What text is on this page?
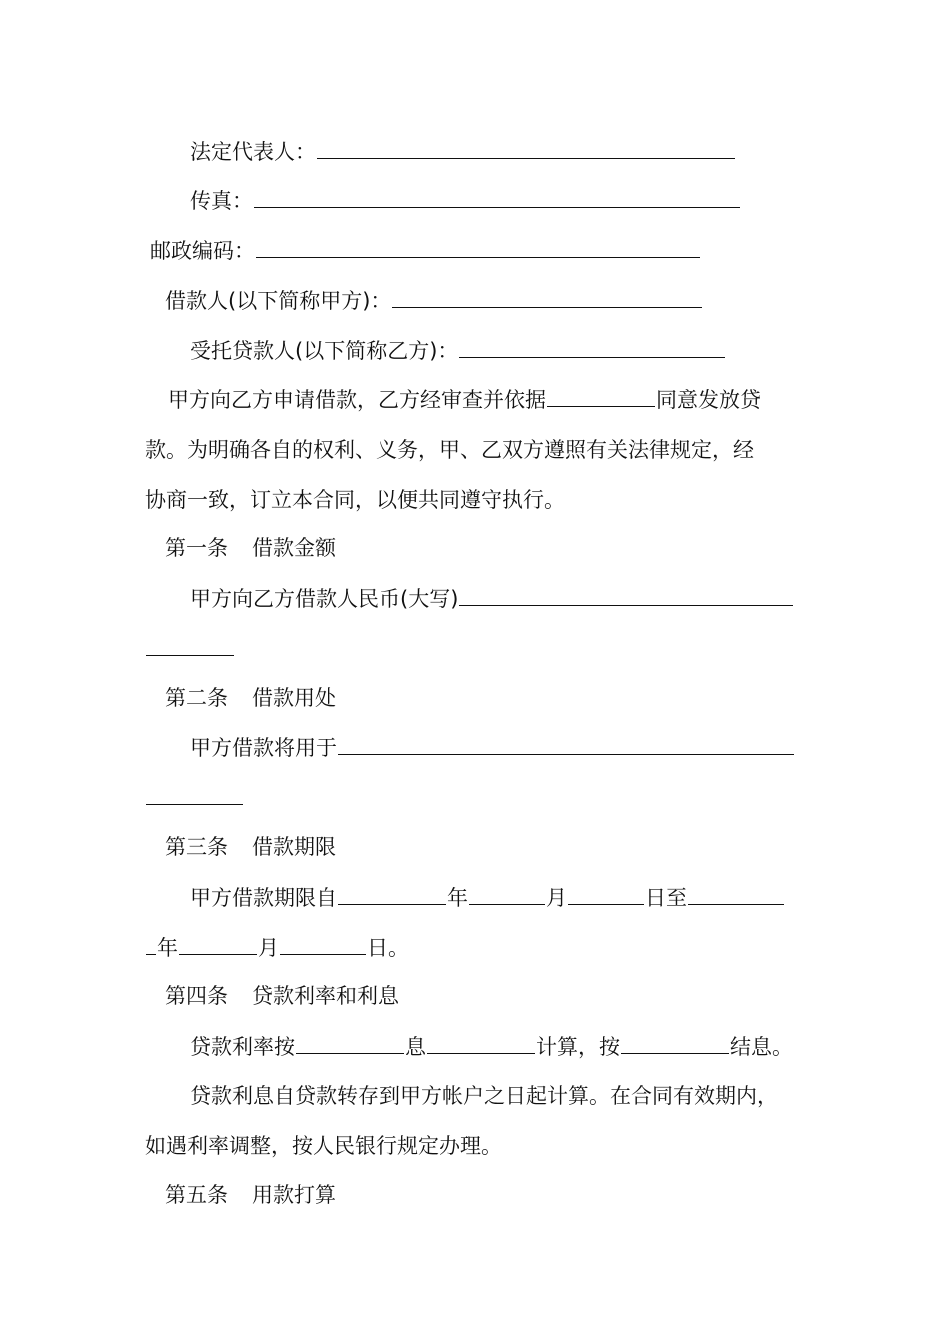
法定代表人：
传真：
邮政编码：
借款人(以下简称甲方)：
受托贷款人(以下简称乙方)：
甲方向乙方申请借款，乙方经审查并依据	同意发放贷
款。为明确各自的权利、义务，甲、乙双方遵照有关法律规定，经
协商一致，订立本合同，以便共同遵守执行。
第一条 借款金额
甲方向乙方借款人民币(大写)
第二条 借款用处
甲方借款将用于
第三条 借款期限
甲方借款期限自	年	月	日至
年	月	日。
第四条 贷款利率和利息
贷款利率按	息	计算，按	结息。
贷款利息自贷款转存到甲方帐户之日起计算。在合同有效期内，
如遇利率调整，按人民银行规定办理。
第五条 用款打算
